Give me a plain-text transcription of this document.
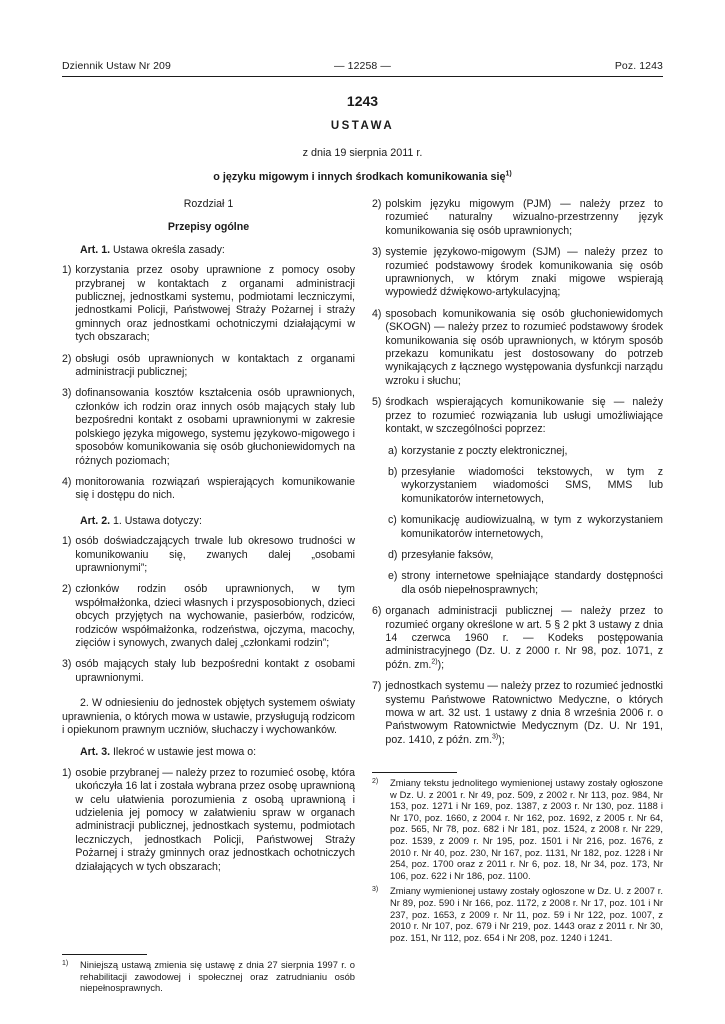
Dziennik Ustaw Nr 209	— 12258 —	Poz. 1243
1243
USTAWA
z dnia 19 sierpnia 2011 r.
o języku migowym i innych środkach komunikowania się$^{1)}$
Rozdział 1
Przepisy ogólne
Art. 1. Ustawa określa zasady:
1) korzystania przez osoby uprawnione z pomocy osoby przybranej w kontaktach z organami administracji publicznej, jednostkami systemu, podmiotami leczniczymi, jednostkami Policji, Państwowej Straży Pożarnej i straży gminnych oraz jednostkami ochotniczymi działającymi w tych obszarach;
2) obsługi osób uprawnionych w kontaktach z organami administracji publicznej;
3) dofinansowania kosztów kształcenia osób uprawnionych, członków ich rodzin oraz innych osób mających stały lub bezpośredni kontakt z osobami uprawnionymi w zakresie polskiego języka migowego, systemu językowo-migowego i sposobów komunikowania się osób głuchoniewidomych na różnych poziomach;
4) monitorowania rozwiązań wspierających komunikowanie się i dostępu do nich.
Art. 2. 1. Ustawa dotyczy:
1) osób doświadczających trwale lub okresowo trudności w komunikowaniu się, zwanych dalej „osobami uprawnionymi”;
2) członków rodzin osób uprawnionych, w tym współmałżonka, dzieci własnych i przysposobionych, dzieci obcych przyjętych na wychowanie, pasierbów, rodziców, rodziców współmałżonka, rodzeństwa, ojczyma, macochy, zięciów i synowych, zwanych dalej „członkami rodzin”;
3) osób mających stały lub bezpośredni kontakt z osobami uprawnionymi.
2. W odniesieniu do jednostek objętych systemem oświaty uprawnienia, o których mowa w ustawie, przysługują rodzicom i opiekunom prawnym uczniów, słuchaczy i wychowanków.
Art. 3. Ilekroć w ustawie jest mowa o:
1) osobie przybranej — należy przez to rozumieć osobę, która ukończyła 16 lat i została wybrana przez osobę uprawnioną w celu ułatwienia porozumienia z osobą uprawnioną i udzielenia jej pomocy w załatwieniu spraw w organach administracji publicznej, jednostkach systemu, podmiotach leczniczych, jednostkach Policji, Państwowej Straży Pożarnej i straży gminnych oraz jednostkach ochotniczych działających w tych obszarach;
1)	Niniejszą ustawą zmienia się ustawę z dnia 27 sierpnia 1997 r. o rehabilitacji zawodowej i społecznej oraz zatrudnianiu osób niepełnosprawnych.
2) polskim języku migowym (PJM) — należy przez to rozumieć naturalny wizualno-przestrzenny język komunikowania się osób uprawnionych;
3) systemie językowo-migowym (SJM) — należy przez to rozumieć podstawowy środek komunikowania się osób uprawnionych, w którym znaki migowe wspierają wypowiedź dźwiękowo-artykulacyjną;
4) sposobach komunikowania się osób głuchoniewidomych (SKOGN) — należy przez to rozumieć podstawowy środek komunikowania się osób uprawnionych, w którym sposób przekazu komunikatu jest dostosowany do potrzeb wynikających z łącznego występowania dysfunkcji narządu wzroku i słuchu;
5) środkach wspierających komunikowanie się — należy przez to rozumieć rozwiązania lub usługi umożliwiające kontakt, w szczególności poprzez:
a) korzystanie z poczty elektronicznej,
b) przesyłanie wiadomości tekstowych, w tym z wykorzystaniem wiadomości SMS, MMS lub komunikatorów internetowych,
c) komunikację audiowizualną, w tym z wykorzystaniem komunikatorów internetowych,
d) przesyłanie faksów,
e) strony internetowe spełniające standardy dostępności dla osób niepełnosprawnych;
6) organach administracji publicznej — należy przez to rozumieć organy określone w art. 5 § 2 pkt 3 ustawy z dnia 14 czerwca 1960 r. — Kodeks postępowania administracyjnego (Dz. U. z 2000 r. Nr 98, poz. 1071, z późn. zm.$^{2)}$);
7) jednostkach systemu — należy przez to rozumieć jednostki systemu Państwowe Ratownictwo Medyczne, o których mowa w art. 32 ust. 1 ustawy z dnia 8 września 2006 r. o Państwowym Ratownictwie Medycznym (Dz. U. Nr 191, poz. 1410, z późn. zm.$^{3)}$);
2)	Zmiany tekstu jednolitego wymienionej ustawy zostały ogłoszone w Dz. U. z 2001 r. Nr 49, poz. 509, z 2002 r. Nr 113, poz. 984, Nr 153, poz. 1271 i Nr 169, poz. 1387, z 2003 r. Nr 130, poz. 1188 i Nr 170, poz. 1660, z 2004 r. Nr 162, poz. 1692, z 2005 r. Nr 64, poz. 565, Nr 78, poz. 682 i Nr 181, poz. 1524, z 2008 r. Nr 229, poz. 1539, z 2009 r. Nr 195, poz. 1501 i Nr 216, poz. 1676, z 2010 r. Nr 40, poz. 230, Nr 167, poz. 1131, Nr 182, poz. 1228 i Nr 254, poz. 1700 oraz z 2011 r. Nr 6, poz. 18, Nr 34, poz. 173, Nr 106, poz. 622 i Nr 186, poz. 1100.
3)	Zmiany wymienionej ustawy zostały ogłoszone w Dz. U. z 2007 r. Nr 89, poz. 590 i Nr 166, poz. 1172, z 2008 r. Nr 17, poz. 101 i Nr 237, poz. 1653, z 2009 r. Nr 11, poz. 59 i Nr 122, poz. 1007, z 2010 r. Nr 107, poz. 679 i Nr 219, poz. 1443 oraz z 2011 r. Nr 30, poz. 151, Nr 112, poz. 654 i Nr 208, poz. 1240 i 1241.
